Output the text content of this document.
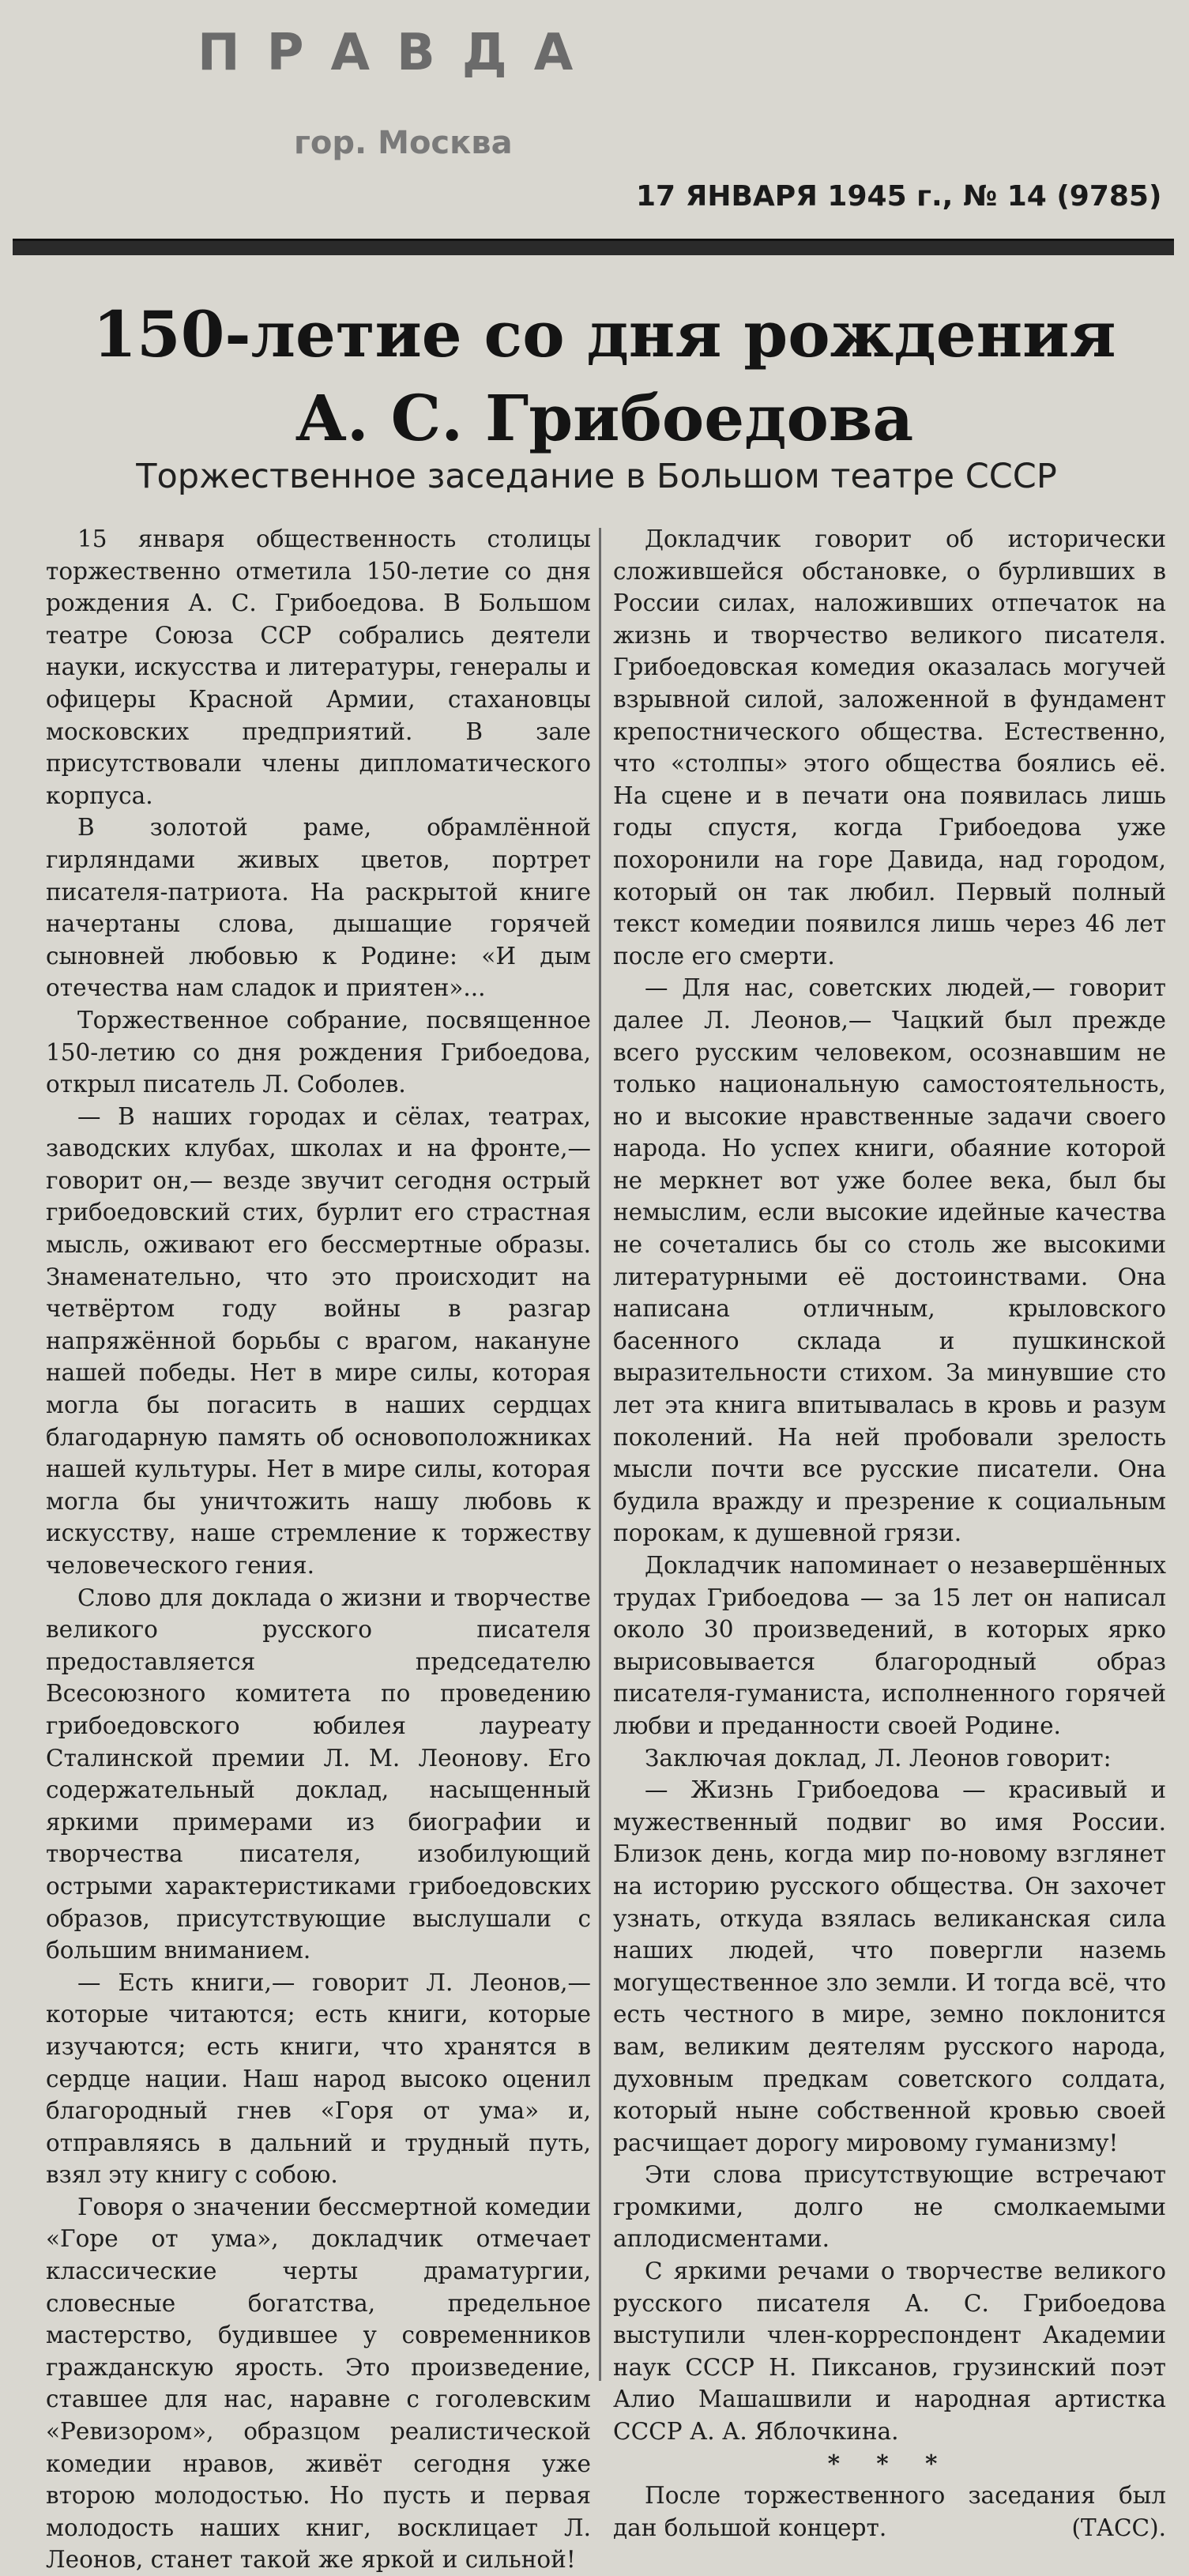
ПРАВДА
гор. Москва
17 ЯНВАРЯ 1945 г., № 14 (9785)
150-летие со дня рождения
А. С. Грибоедова
Торжественное заседание в Большом театре СССР

15 января общественность столицы торжественно отметила 150-летие со дня рождения А. С. Грибоедова. В Большом театре Союза ССР собрались деятели науки, искусства и литературы, генералы и офицеры Красной Армии, стахановцы московских предприятий. В зале присутствовали члены дипломатического корпуса.

В золотой раме, обрамлённой гирляндами живых цветов, портрет писателя-патриота. На раскрытой книге начертаны слова, дышащие горячей сыновней любовью к Родине: «И дым отечества нам сладок и приятен»...

Торжественное собрание, посвященное 150-летию со дня рождения Грибоедова, открыл писатель Л. Соболев.

— В наших городах и сёлах, театрах, заводских клубах, школах и на фронте,— говорит он,— везде звучит сегодня острый грибоедовский стих, бурлит его страстная мысль, оживают его бессмертные образы. Знаменательно, что это происходит на четвёртом году войны в разгар напряжённой борьбы с врагом, накануне нашей победы. Нет в мире силы, которая могла бы погасить в наших сердцах благодарную память об основоположниках нашей культуры. Нет в мире силы, которая могла бы уничтожить нашу любовь к искусству, наше стремление к торжеству человеческого гения.

Слово для доклада о жизни и творчестве великого русского писателя предоставляется председателю Всесоюзного комитета по проведению грибоедовского юбилея лауреату Сталинской премии Л. М. Леонову. Его содержательный доклад, насыщенный яркими примерами из биографии и творчества писателя, изобилующий острыми характеристиками грибоедовских образов, присутствующие выслушали с большим вниманием.

— Есть книги,— говорит Л. Леонов,— которые читаются; есть книги, которые изучаются; есть книги, что хранятся в сердце нации. Наш народ высоко оценил благородный гнев «Горя от ума» и, отправляясь в дальний и трудный путь, взял эту книгу с собою.

Говоря о значении бессмертной комедии «Горе от ума», докладчик отмечает классические черты драматургии, словесные богатства, предельное мастерство, будившее у современников гражданскую ярость. Это произведение, ставшее для нас, наравне с гоголевским «Ревизором», образцом реалистической комедии нравов, живёт сегодня уже второю молодостью. Но пусть и первая молодость наших книг, восклицает Л. Леонов, станет такой же яркой и сильной!

Докладчик говорит об исторически сложившейся обстановке, о бурливших в России силах, наложивших отпечаток на жизнь и творчество великого писателя. Грибоедовская комедия оказалась могучей взрывной силой, заложенной в фундамент крепостнического общества. Естественно, что «столпы» этого общества боялись её. На сцене и в печати она появилась лишь годы спустя, когда Грибоедова уже похоронили на горе Давида, над городом, который он так любил. Первый полный текст комедии появился лишь через 46 лет после его смерти.

— Для нас, советских людей,— говорит далее Л. Леонов,— Чацкий был прежде всего русским человеком, осознавшим не только национальную самостоятельность, но и высокие нравственные задачи своего народа. Но успех книги, обаяние которой не меркнет вот уже более века, был бы немыслим, если высокие идейные качества не сочетались бы со столь же высокими литературными её достоинствами. Она написана отличным, крыловского басенного склада и пушкинской выразительности стихом. За минувшие сто лет эта книга впитывалась в кровь и разум поколений. На ней пробовали зрелость мысли почти все русские писатели. Она будила вражду и презрение к социальным порокам, к душевной грязи.

Докладчик напоминает о незавершённых трудах Грибоедова — за 15 лет он написал около 30 произведений, в которых ярко вырисовывается благородный образ писателя-гуманиста, исполненного горячей любви и преданности своей Родине.

Заключая доклад, Л. Леонов говорит:

— Жизнь Грибоедова — красивый и мужественный подвиг во имя России. Близок день, когда мир по-новому взглянет на историю русского общества. Он захочет узнать, откуда взялась великанская сила наших людей, что повергли наземь могущественное зло земли. И тогда всё, что есть честного в мире, земно поклонится вам, великим деятелям русского народа, духовным предкам советского солдата, который ныне собственной кровью своей расчищает дорогу мировому гуманизму!

Эти слова присутствующие встречают громкими, долго не смолкаемыми аплодисментами.

С яркими речами о творчестве великого русского писателя А. С. Грибоедова выступили член-корреспондент Академии наук СССР Н. Пиксанов, грузинский поэт Алио Машашвили и народная артистка СССР А. А. Яблочкина.

* * *

После торжественного заседания был дан большой концерт.	(ТАСС).
